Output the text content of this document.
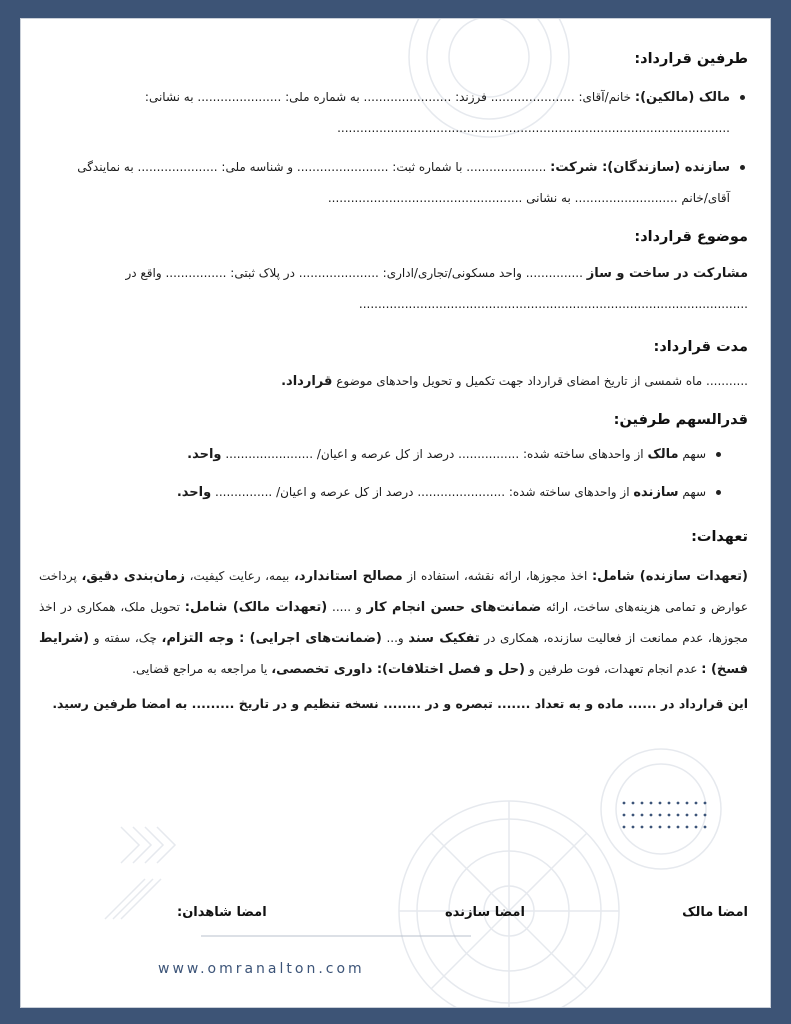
طرفین قرارداد:
مالک (مالکین): خانم/آقای: ...................... فرزند: ....................... به شماره ملی: ...................... به نشانی:
.......................................................................................................
سازنده (سازندگان): شرکت: ..................... با شماره ثبت: ........................ و شناسه ملی: ..................... به نمایندگی
آقای/خانم ........................... به نشانی ...................................................
موضوع قرارداد:
مشارکت در ساخت و ساز ............... واحد مسکونی/تجاری/اداری: ..................... در پلاک ثبتی: ................ واقع در
......................................................................................................
مدت قرارداد:
........... ماه شمسی از تاریخ امضای قرارداد جهت تکمیل و تحویل واحدهای موضوع قرارداد.
قدرالسهم طرفین:
سهم مالک از واحدهای ساخته شده: ................ درصد از کل عرصه و اعیان/ ....................... واحد.
سهم سازنده از واحدهای ساخته شده: ....................... درصد از کل عرصه و اعیان/ ............... واحد.
تعهدات:
(تعهدات سازنده) شامل: اخذ مجوزها، ارائه نقشه، استفاده از مصالح استاندارد، بیمه، رعایت کیفیت، زمان‌بندی دقیق، پرداخت عوارض و تمامی هزینه‌های ساخت، ارائه ضمانت‌های حسن انجام کار و ..... (تعهدات مالک) شامل: تحویل ملک، همکاری در اخذ مجوزها، عدم ممانعت از فعالیت سازنده، همکاری در تفکیک سند و... (ضمانت‌های اجرایی) : وجه التزام، چک، سفته و (شرایط فسخ) : عدم انجام تعهدات، فوت طرفین و (حل و فصل اختلافات): داوری تخصصی، یا مراجعه به مراجع قضایی.
این قرارداد در ...... ماده و به تعداد ....... تبصره و در ........ نسخه تنظیم و در تاریخ ......... به امضا طرفین رسید.
امضا مالک
امضا سازنده
امضا شاهدان:
www.omranalton.com
